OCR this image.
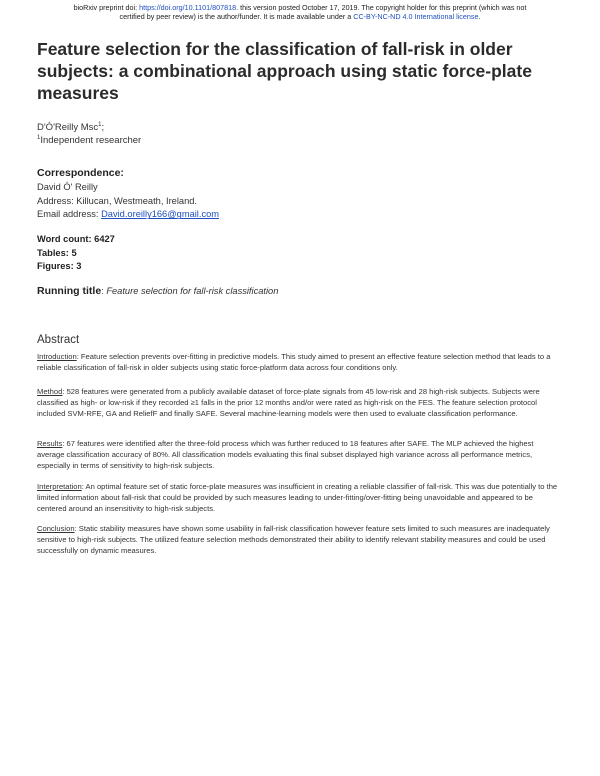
bioRxiv preprint doi: https://doi.org/10.1101/807818. this version posted October 17, 2019. The copyright holder for this preprint (which was not
certified by peer review) is the author/funder. It is made available under a CC-BY-NC-ND 4.0 International license.
Feature selection for the classification of fall-risk in older subjects: a combinational approach using static force-plate measures
D'Ó'Reilly Msc$^1$;
$^1$Independent researcher
Correspondence:
David Ó' Reilly
Address: Killucan, Westmeath, Ireland.
Email address: David.oreilly166@gmail.com
Word count: 6427
Tables: 5
Figures: 3
Running title: Feature selection for fall-risk classification
Abstract

Introduction: Feature selection prevents over-fitting in predictive models. This study aimed to present an effective feature selection method that leads to a reliable classification of fall-risk in older subjects using static force-platform data across four conditions only.

Method: 528 features were generated from a publicly available dataset of force-plate signals from 45 low-risk and 28 high-risk subjects. Subjects were classified as high- or low-risk if they recorded ≥1 falls in the prior 12 months and/or were rated as high-risk on the FES. The feature selection protocol included SVM-RFE, GA and ReliefF and finally SAFE. Several machine-learning models were then used to evaluate classification performance.

Results: 67 features were identified after the three-fold process which was further reduced to 18 features after SAFE. The MLP achieved the highest average classification accuracy of 80%. All classification models evaluating this final subset displayed high variance across all performance metrics, especially in terms of sensitivity to high-risk subjects.

Interpretation: An optimal feature set of static force-plate measures was insufficient in creating a reliable classifier of fall-risk. This was due potentially to the limited information about fall-risk that could be provided by such measures leading to under-fitting/over-fitting being unavoidable and appeared to be centered around an insensitivity to high-risk subjects.

Conclusion: Static stability measures have shown some usability in fall-risk classification however feature sets limited to such measures are inadequately sensitive to high-risk subjects. The utilized feature selection methods demonstrated their ability to identify relevant stability measures and could be used successfully on dynamic measures.
